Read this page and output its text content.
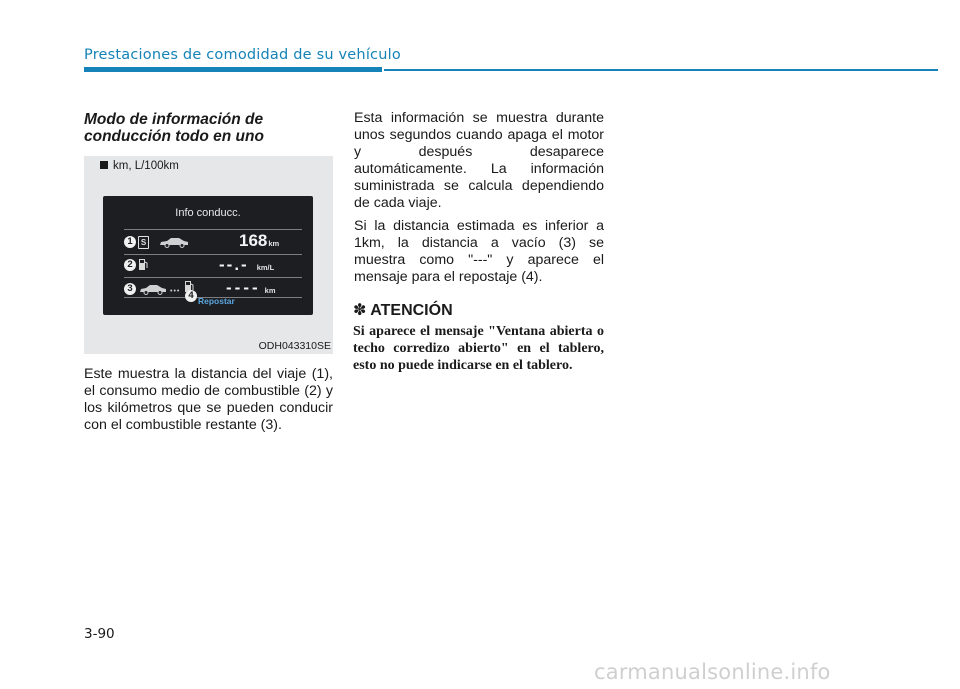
Prestaciones de comodidad de su vehículo
Modo de información de conducción todo en uno
km, L/100km
Info conducc.
1	S	168km
2	--.- km/L
3	•••	---- km
4 Repostar
ODH043310SE

Este muestra la distancia del viaje (1), el consumo medio de combustible (2) y los kilómetros que se pueden conducir con el combustible restante (3).

Esta información se muestra durante unos segundos cuando apaga el motor y después desaparece automáticamente. La información suministrada se calcula dependiendo de cada viaje.

Si la distancia estimada es inferior a 1km, la distancia a vacío (3) se muestra como "---" y aparece el mensaje para el repostaje (4).

✽ ATENCIÓN
Si aparece el mensaje "Ventana abierta o techo corredizo abierto" en el tablero, esto no puede indicarse en el tablero.
3-90
carmanualsonline.info
